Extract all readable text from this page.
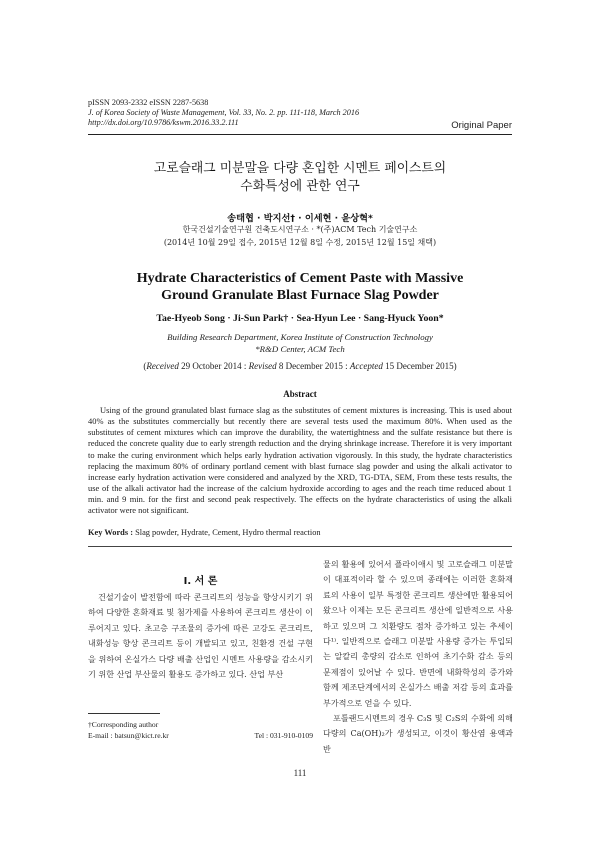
pISSN 2093-2332 eISSN 2287-5638
J. of Korea Society of Waste Management, Vol. 33, No. 2. pp. 111-118, March 2016
http://dx.doi.org/10.9786/kswm.2016.33.2.111	Original Paper
고로슬래그 미분말을 다량 혼입한 시멘트 페이스트의
수화특성에 관한 연구
송태협 · 박지선† · 이세현 · 윤상혁*
한국건설기술연구원 건축도시연구소 · *(주)ACM Tech 기술연구소
(2014년 10월 29일 접수, 2015년 12월 8일 수정, 2015년 12월 15일 채택)
Hydrate Characteristics of Cement Paste with Massive
Ground Granulate Blast Furnace Slag Powder
Tae-Hyeob Song · Ji-Sun Park† · Sea-Hyun Lee · Sang-Hyuck Yoon*
Building Research Department, Korea Institute of Construction Technology
*R&D Center, ACM Tech
(Received 29 October 2014 : Revised 8 December 2015 : Accepted 15 December 2015)
Abstract
Using of the ground granulated blast furnace slag as the substitutes of cement mixtures is increasing. This is used about 40% as the substitutes commercially but recently there are several tests used the maximum 80%. When used as the substitutes of cement mixtures which can improve the durability, the watertightness and the sulfate resistance but there is reduced the concrete quality due to early strength reduction and the drying shrinkage increase. Therefore it is very important to make the curing environment which helps early hydration activation vigorously. In this study, the hydrate characteristics replacing the maximum 80% of ordinary portland cement with blast furnace slag powder and using the alkali activator to increase early hydration activation were considered and analyzed by the XRD, TG-DTA, SEM, From these tests results, the use of the alkali activator had the increase of the calcium hydroxide according to ages and the reach time reduced about 1 min. and 9 min. for the first and second peak respectively. The effects on the hydrate characteristics of using the alkali activator were not significant.
Key Words : Slag powder, Hydrate, Cement, Hydro thermal reaction
I. 서 론
건설기술이 발전함에 따라 콘크리트의 성능을 향상시키기 위하여 다양한 혼화재료 및 첨가제를 사용하여 콘크리트 생산이 이루어지고 있다. 초고층 구조물의 증가에 따른 고강도 콘크리트, 내화성능 향상 콘크리트 등이 개발되고 있고, 친환경 건설 구현을 위하여 온실가스 다량 배출 산업인 시멘트 사용량을 감소시키기 위한 산업 부산물의 활용도 증가하고 있다. 산업 부산

물의 활용에 있어서 플라이애시 및 고로슬래그 미분말이 대표적이라 할 수 있으며 종래에는 이러한 혼화재료의 사용이 일부 특정한 콘크리트 생산에만 활용되어 왔으나 이제는 모든 콘크리트 생산에 일반적으로 사용하고 있으며 그 치환량도 점차 증가하고 있는 추세이다¹⁾. 일반적으로 슬래그 미분말 사용량 증가는 투입되는 알칼리 총량의 감소로 인하여 초기수화 감소 등의 문제점이 있어날 수 있다. 반면에 내화학성의 증가와 함께 제조단계에서의 온실가스 배출 저감 등의 효과를 부가적으로 얻을 수 있다.

포틀랜드시멘트의 경우 C₃S 및 C₂S의 수화에 의해 다량의 Ca(OH)₂가 생성되고, 이것이 황산염 용액과 반

†Corresponding author
E-mail : batsun@kict.re.kr	Tel : 031-910-0109
111
